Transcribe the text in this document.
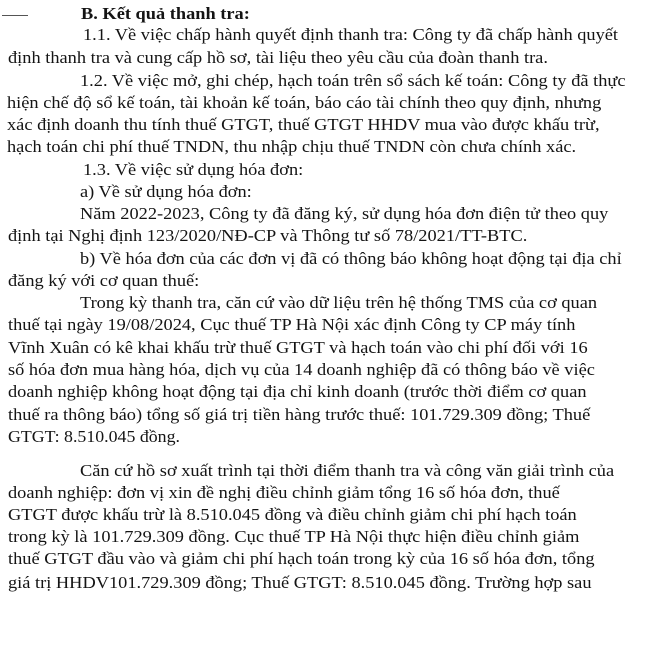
B. Kết quả thanh tra:
1.1. Về việc chấp hành quyết định thanh tra: Công ty đã chấp hành quyết
định thanh tra và cung cấp hồ sơ, tài liệu theo yêu cầu của đoàn thanh tra.
1.2. Về việc mở, ghi chép, hạch toán trên sổ sách kế toán: Công ty đã thực
hiện chế độ sổ kế toán, tài khoản kế toán, báo cáo tài chính theo quy định, nhưng
xác định doanh thu tính thuế GTGT, thuế GTGT HHDV mua vào được khấu trừ,
hạch toán chi phí thuế TNDN, thu nhập chịu thuế TNDN còn chưa chính xác.
1.3. Về việc sử dụng hóa đơn:
a) Về sử dụng hóa đơn:
Năm 2022-2023, Công ty đã đăng ký, sử dụng hóa đơn điện tử theo quy
định tại Nghị định 123/2020/NĐ-CP và Thông tư số 78/2021/TT-BTC.
b) Về hóa đơn của các đơn vị đã có thông báo không hoạt động tại địa chỉ
đăng ký với cơ quan thuế:
Trong kỳ thanh tra, căn cứ vào dữ liệu trên hệ thống TMS của cơ quan
thuế tại ngày 19/08/2024, Cục thuế TP Hà Nội xác định Công ty CP máy tính
Vĩnh Xuân có kê khai khấu trừ thuế GTGT và hạch toán vào chi phí đối với 16
số hóa đơn mua hàng hóa, dịch vụ của 14 doanh nghiệp đã có thông báo về việc
doanh nghiệp không hoạt động tại địa chỉ kinh doanh (trước thời điểm cơ quan
thuế ra thông báo) tổng số giá trị tiền hàng trước thuế: 101.729.309 đồng; Thuế
GTGT: 8.510.045 đồng.
Căn cứ hồ sơ xuất trình tại thời điểm thanh tra và công văn giải trình của
doanh nghiệp: đơn vị xin đề nghị điều chỉnh giảm tổng 16 số hóa đơn, thuế
GTGT được khấu trừ là 8.510.045 đồng và điều chỉnh giảm chi phí hạch toán
trong kỳ là 101.729.309 đồng. Cục thuế TP Hà Nội thực hiện điều chỉnh giảm
thuế GTGT đầu vào và giảm chi phí hạch toán trong kỳ của 16 số hóa đơn, tổng
giá trị HHDV101.729.309 đồng; Thuế GTGT: 8.510.045 đồng. Trường hợp sau
